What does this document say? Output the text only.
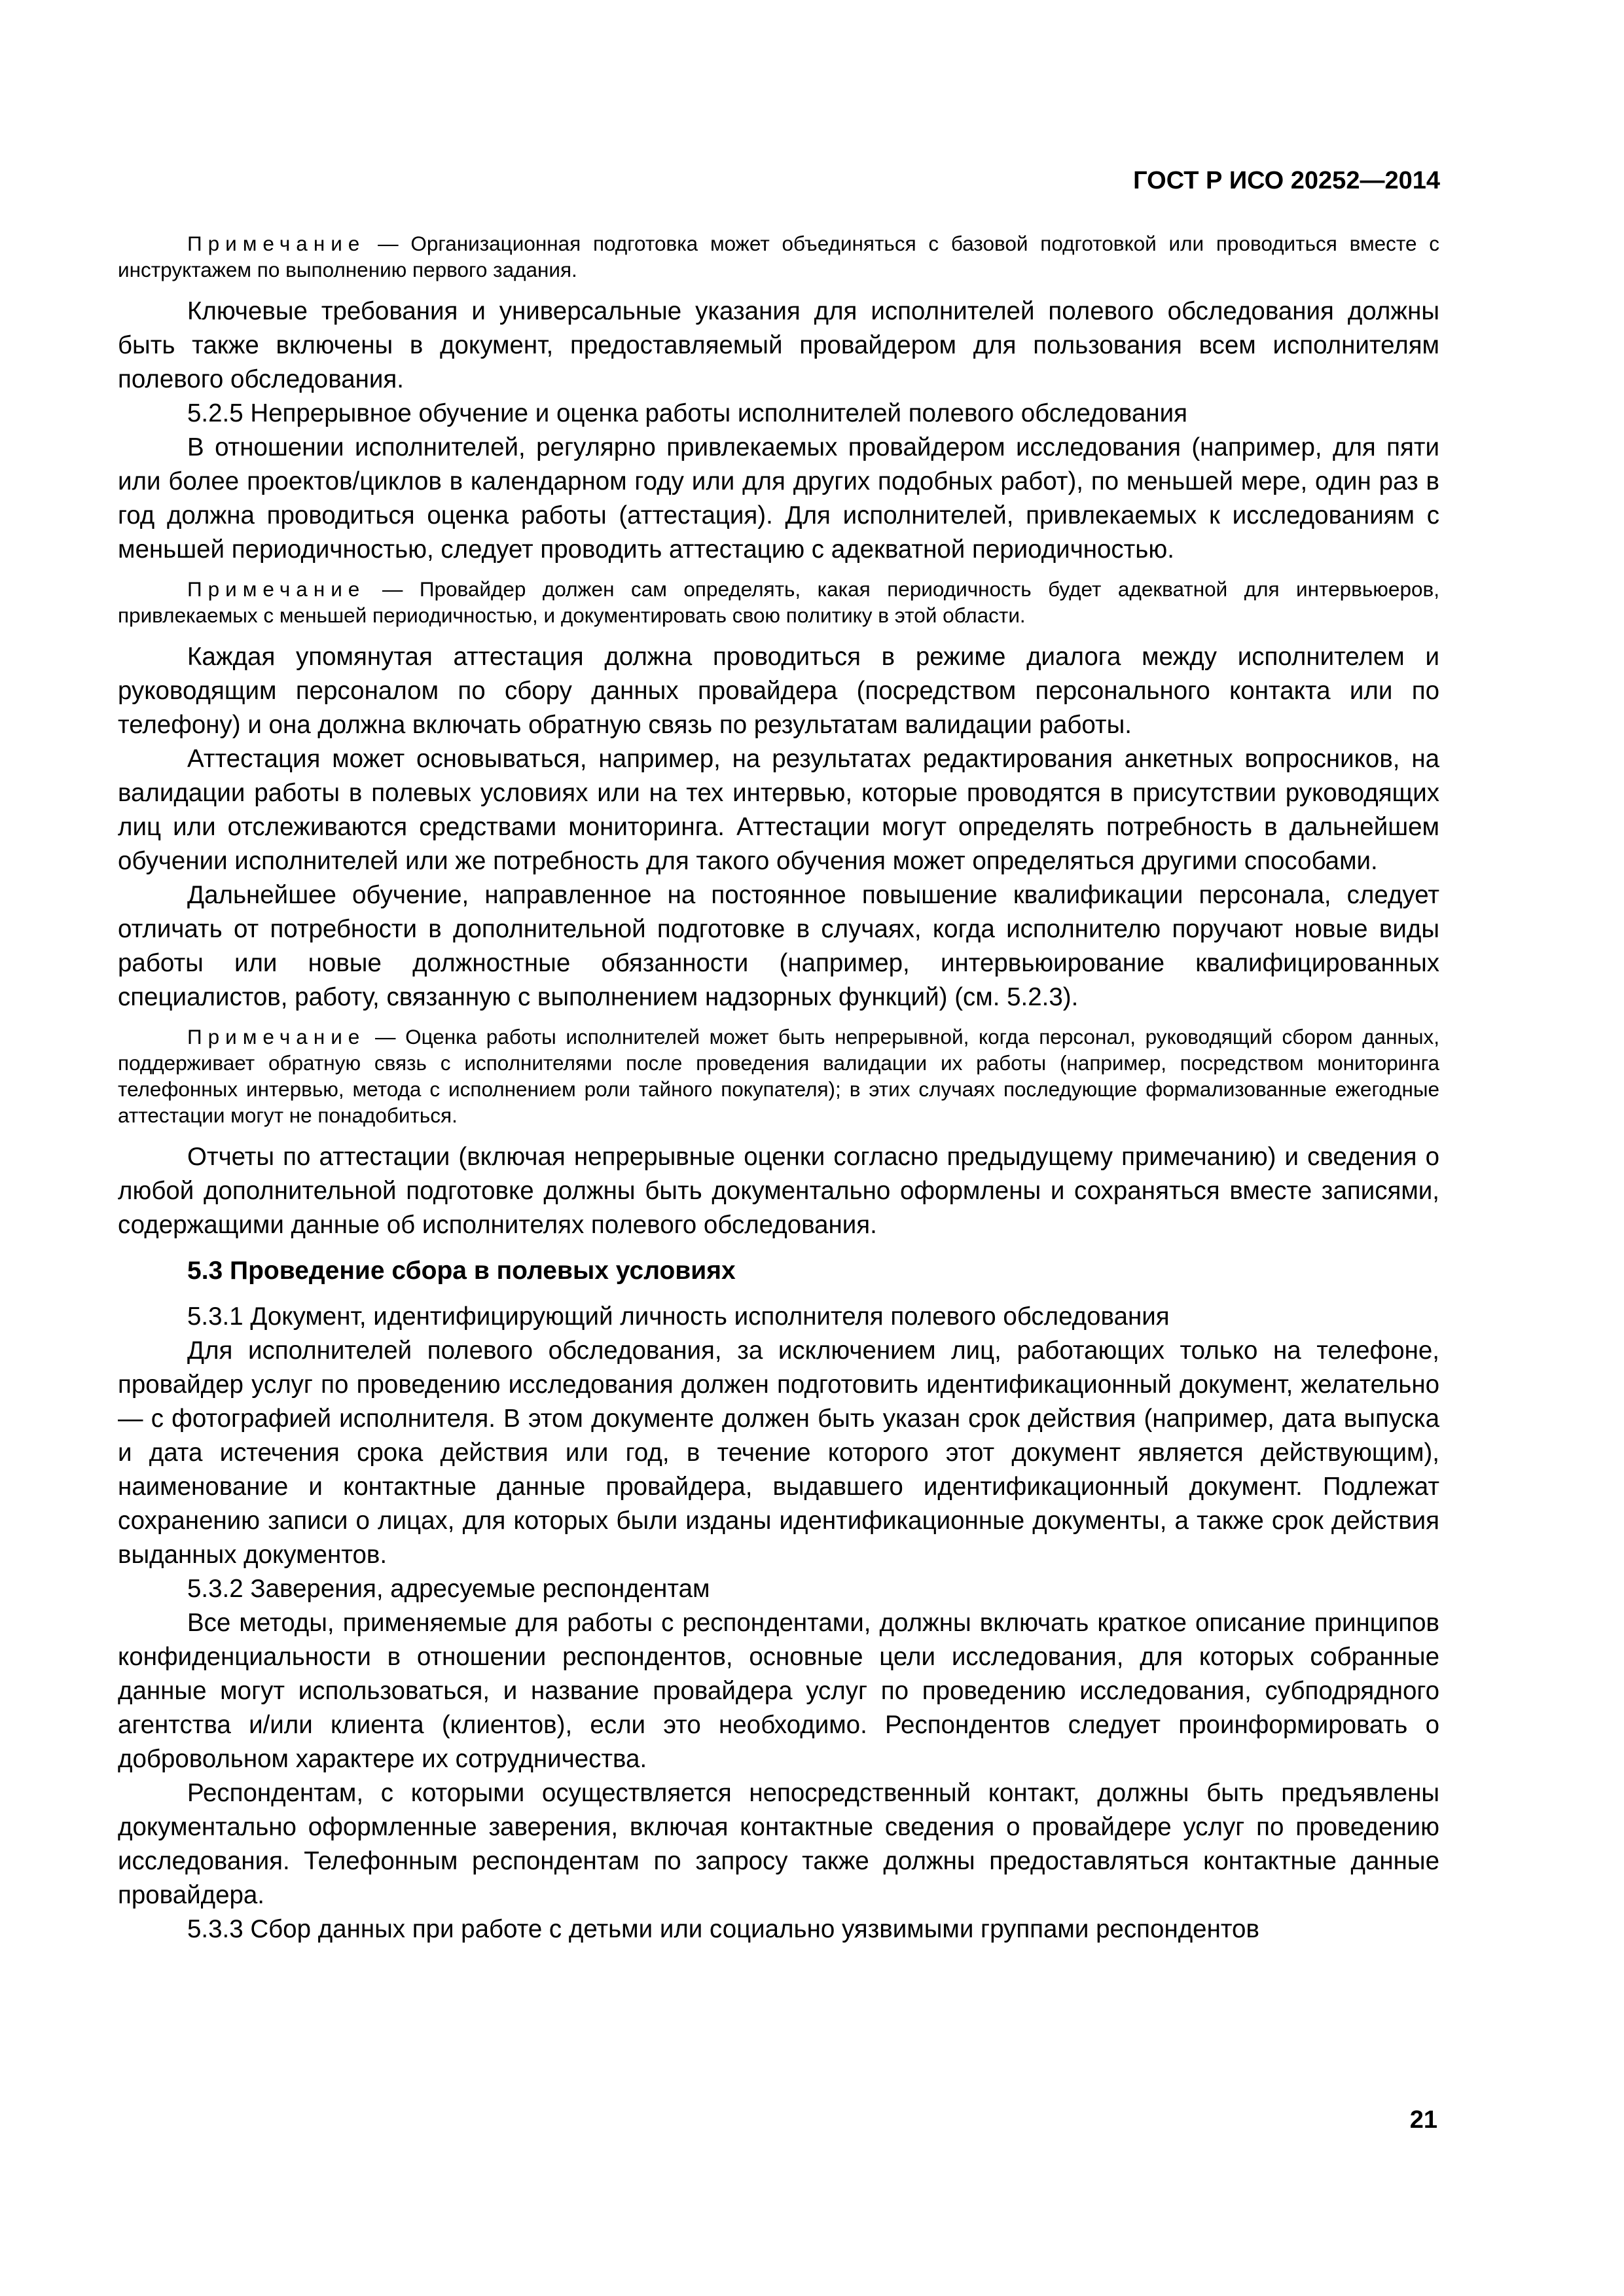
ГОСТ Р ИСО 20252—2014

Примечание — Организационная подготовка может объединяться с базовой подготовкой или проводиться вместе с инструктажем по выполнению первого задания.

Ключевые требования и универсальные указания для исполнителей полевого обследования должны быть также включены в документ, предоставляемый провайдером для пользования всем исполнителям полевого обследования.

5.2.5 Непрерывное обучение и оценка работы исполнителей полевого обследования

В отношении исполнителей, регулярно привлекаемых провайдером исследования (например, для пяти или более проектов/циклов в календарном году или для других подобных работ), по меньшей мере, один раз в год должна проводиться оценка работы (аттестация). Для исполнителей, привлекаемых к исследованиям с меньшей периодичностью, следует проводить аттестацию с адекватной периодичностью.

Примечание — Провайдер должен сам определять, какая периодичность будет адекватной для интервьюеров, привлекаемых с меньшей периодичностью, и документировать свою политику в этой области.

Каждая упомянутая аттестация должна проводиться в режиме диалога между исполнителем и руководящим персоналом по сбору данных провайдера (посредством персонального контакта или по телефону) и она должна включать обратную связь по результатам валидации работы.

Аттестация может основываться, например, на результатах редактирования анкетных вопросников, на валидации работы в полевых условиях или на тех интервью, которые проводятся в присутствии руководящих лиц или отслеживаются средствами мониторинга. Аттестации могут определять потребность в дальнейшем обучении исполнителей или же потребность для такого обучения может определяться другими способами.

Дальнейшее обучение, направленное на постоянное повышение квалификации персонала, следует отличать от потребности в дополнительной подготовке в случаях, когда исполнителю поручают новые виды работы или новые должностные обязанности (например, интервьюирование квалифицированных специалистов, работу, связанную с выполнением надзорных функций) (см. 5.2.3).

Примечание — Оценка работы исполнителей может быть непрерывной, когда персонал, руководящий сбором данных, поддерживает обратную связь с исполнителями после проведения валидации их работы (например, посредством мониторинга телефонных интервью, метода с исполнением роли тайного покупателя); в этих случаях последующие формализованные ежегодные аттестации могут не понадобиться.

Отчеты по аттестации (включая непрерывные оценки согласно предыдущему примечанию) и сведения о любой дополнительной подготовке должны быть документально оформлены и сохраняться вместе записями, содержащими данные об исполнителях полевого обследования.

5.3 Проведение сбора в полевых условиях

5.3.1 Документ, идентифицирующий личность исполнителя полевого обследования

Для исполнителей полевого обследования, за исключением лиц, работающих только на телефоне, провайдер услуг по проведению исследования должен подготовить идентификационный документ, желательно — с фотографией исполнителя. В этом документе должен быть указан срок действия (например, дата выпуска и дата истечения срока действия или год, в течение которого этот документ является действующим), наименование и контактные данные провайдера, выдавшего идентификационный документ. Подлежат сохранению записи о лицах, для которых были изданы идентификационные документы, а также срок действия выданных документов.

5.3.2 Заверения, адресуемые респондентам

Все методы, применяемые для работы с респондентами, должны включать краткое описание принципов конфиденциальности в отношении респондентов, основные цели исследования, для которых собранные данные могут использоваться, и название провайдера услуг по проведению исследования, субподрядного агентства и/или клиента (клиентов), если это необходимо. Респондентов следует проинформировать о добровольном характере их сотрудничества.

Респондентам, с которыми осуществляется непосредственный контакт, должны быть предъявлены документально оформленные заверения, включая контактные сведения о провайдере услуг по проведению исследования. Телефонным респондентам по запросу также должны предоставляться контактные данные провайдера.

5.3.3 Сбор данных при работе с детьми или социально уязвимыми группами респондентов

21
